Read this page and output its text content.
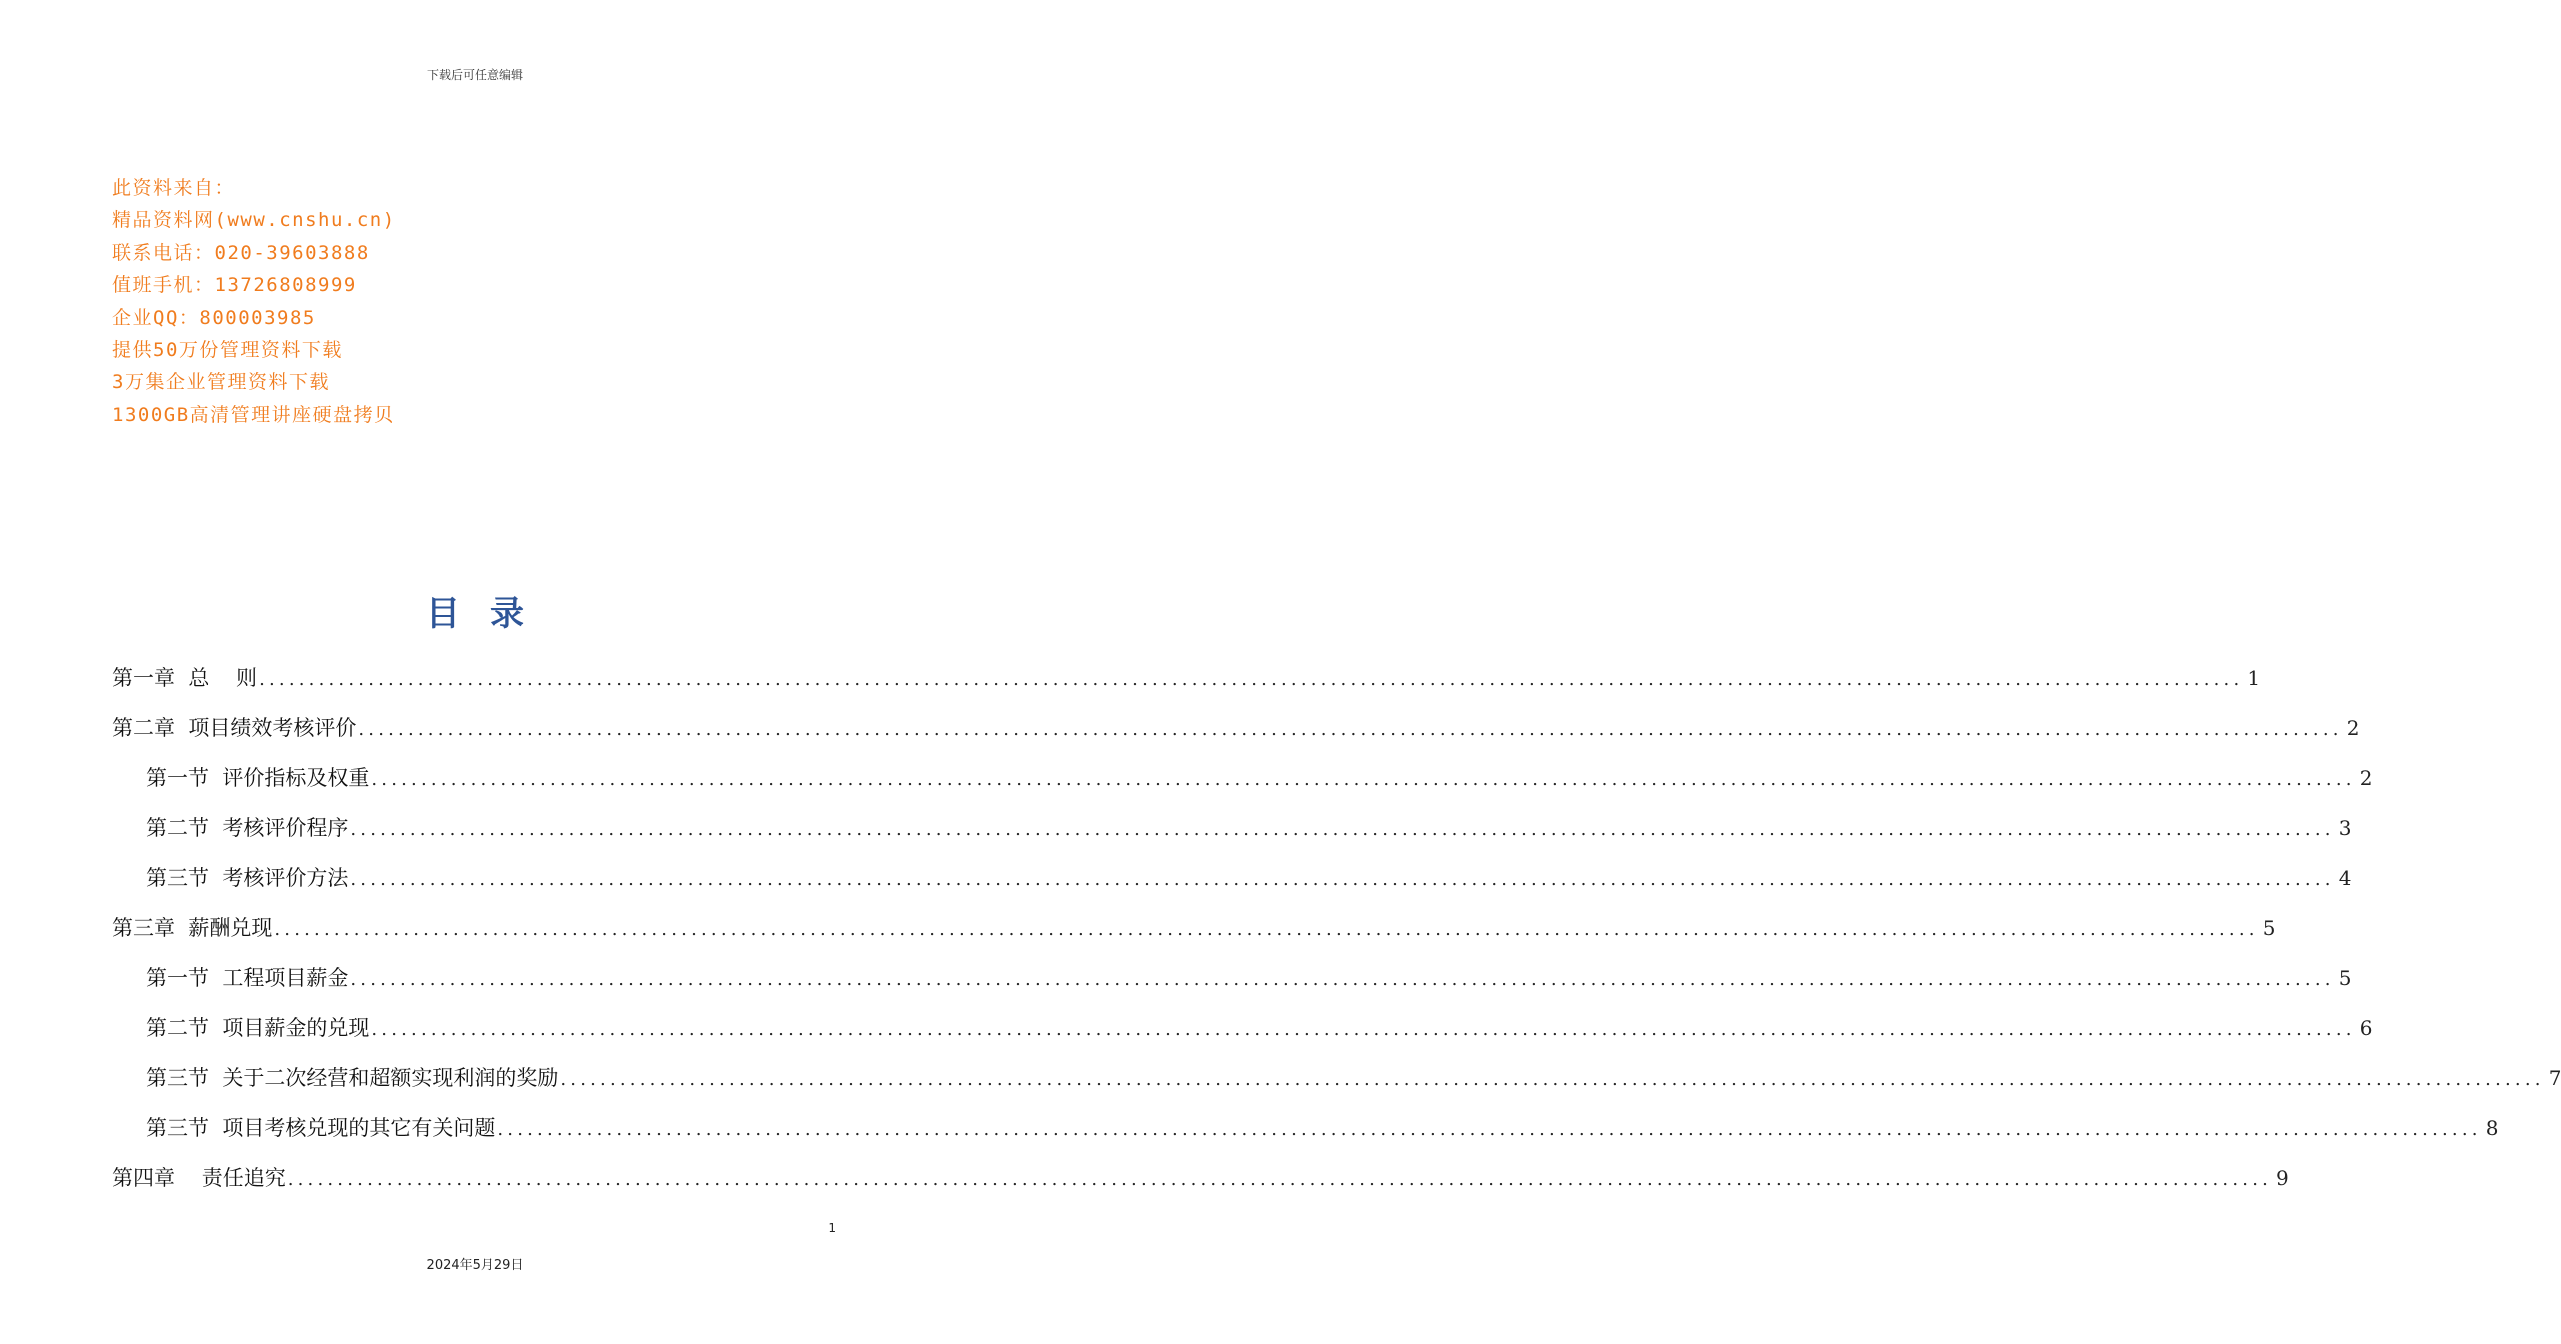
下载后可任意编辑
此资料来自：
精品资料网(www.cnshu.cn)
联系电话：020-39603888
值班手机：13726808999
企业QQ：800003985
提供50万份管理资料下载
3万集企业管理资料下载
1300GB高清管理讲座硬盘拷贝
目录
第一章  总    则 ........................................................................................................................................................................................................ 1
第二章  项目绩效考核评价 ........................................................................................................................................................................................................ 2
第一节  评价指标及权重 ........................................................................................................................................................................................................ 2
第二节  考核评价程序 ........................................................................................................................................................................................................ 3
第三节  考核评价方法 ........................................................................................................................................................................................................ 4
第三章  薪酬兑现 ........................................................................................................................................................................................................ 5
第一节  工程项目薪金 ........................................................................................................................................................................................................ 5
第二节  项目薪金的兑现 ........................................................................................................................................................................................................ 6
第三节  关于二次经营和超额实现利润的奖励 ........................................................................................................................................................................................................ 7
第三节  项目考核兑现的其它有关问题 ........................................................................................................................................................................................................ 8
第四章    责任追究 ........................................................................................................................................................................................................ 9
1
2024年5月29日
